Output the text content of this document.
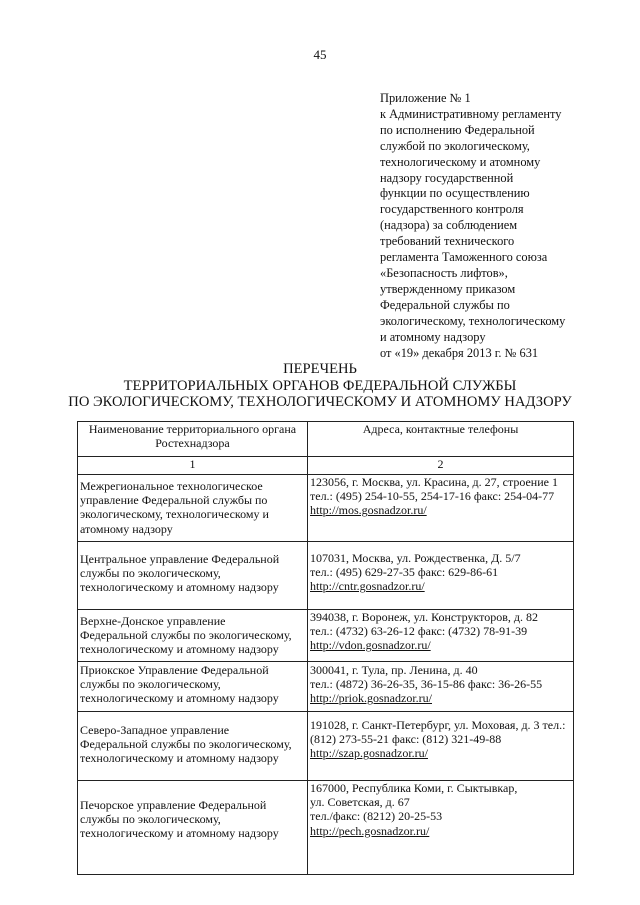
45
Приложение № 1
к Административному регламенту
по исполнению Федеральной
службой по экологическому,
технологическому и атомному
надзору государственной
функции по осуществлению
государственного контроля
(надзора) за соблюдением
требований технического
регламента Таможенного союза
«Безопасность лифтов»,
утвержденному приказом
Федеральной службы по
экологическому, технологическому
и атомному надзору
от «19» декабря 2013 г. № 631
ПЕРЕЧЕНЬ
ТЕРРИТОРИАЛЬНЫХ ОРГАНОВ ФЕДЕРАЛЬНОЙ СЛУЖБЫ
ПО ЭКОЛОГИЧЕСКОМУ, ТЕХНОЛОГИЧЕСКОМУ И АТОМНОМУ НАДЗОРУ
Наименование территориального органа
Ростехнадзора	Адреса, контактные телефоны

1	2

Межрегиональное технологическое
управление Федеральной службы по
экологическому, технологическому и
атомному надзору	123056, г. Москва, ул. Красина, д. 27, строение 1
тел.: (495) 254-10-55, 254-17-16 факс: 254-04-77
http://mos.gosnadzor.ru/

Центральное управление Федеральной
службы по экологическому,
технологическому и атомному надзору	107031, Москва, ул. Рождественка, Д. 5/7
тел.: (495) 629-27-35 факс: 629-86-61
http://cntr.gosnadzor.ru/

Верхне-Донское управление
Федеральной службы по экологическому,
технологическому и атомному надзору	394038, г. Воронеж, ул. Конструкторов, д. 82
тел.: (4732) 63-26-12 факс: (4732) 78-91-39
http://vdon.gosnadzor.ru/

Приокское Управление Федеральной
службы по экологическому,
технологическому и атомному надзору	300041, г. Тула, пр. Ленина, д. 40
тел.: (4872) 36-26-35, 36-15-86 факс: 36-26-55
http://priok.gosnadzor.ru/

Северо-Западное управление
Федеральной службы по экологическому,
технологическому и атомному надзору	191028, г. Санкт-Петербург, ул. Моховая, д. 3 тел.:
(812) 273-55-21 факс: (812) 321-49-88
http://szap.gosnadzor.ru/

Печорское управление Федеральной
службы по экологическому,
технологическому и атомному надзору	167000, Республика Коми, г. Сыктывкар,
ул. Советская, д. 67
тел./факс: (8212) 20-25-53
http://pech.gosnadzor.ru/
